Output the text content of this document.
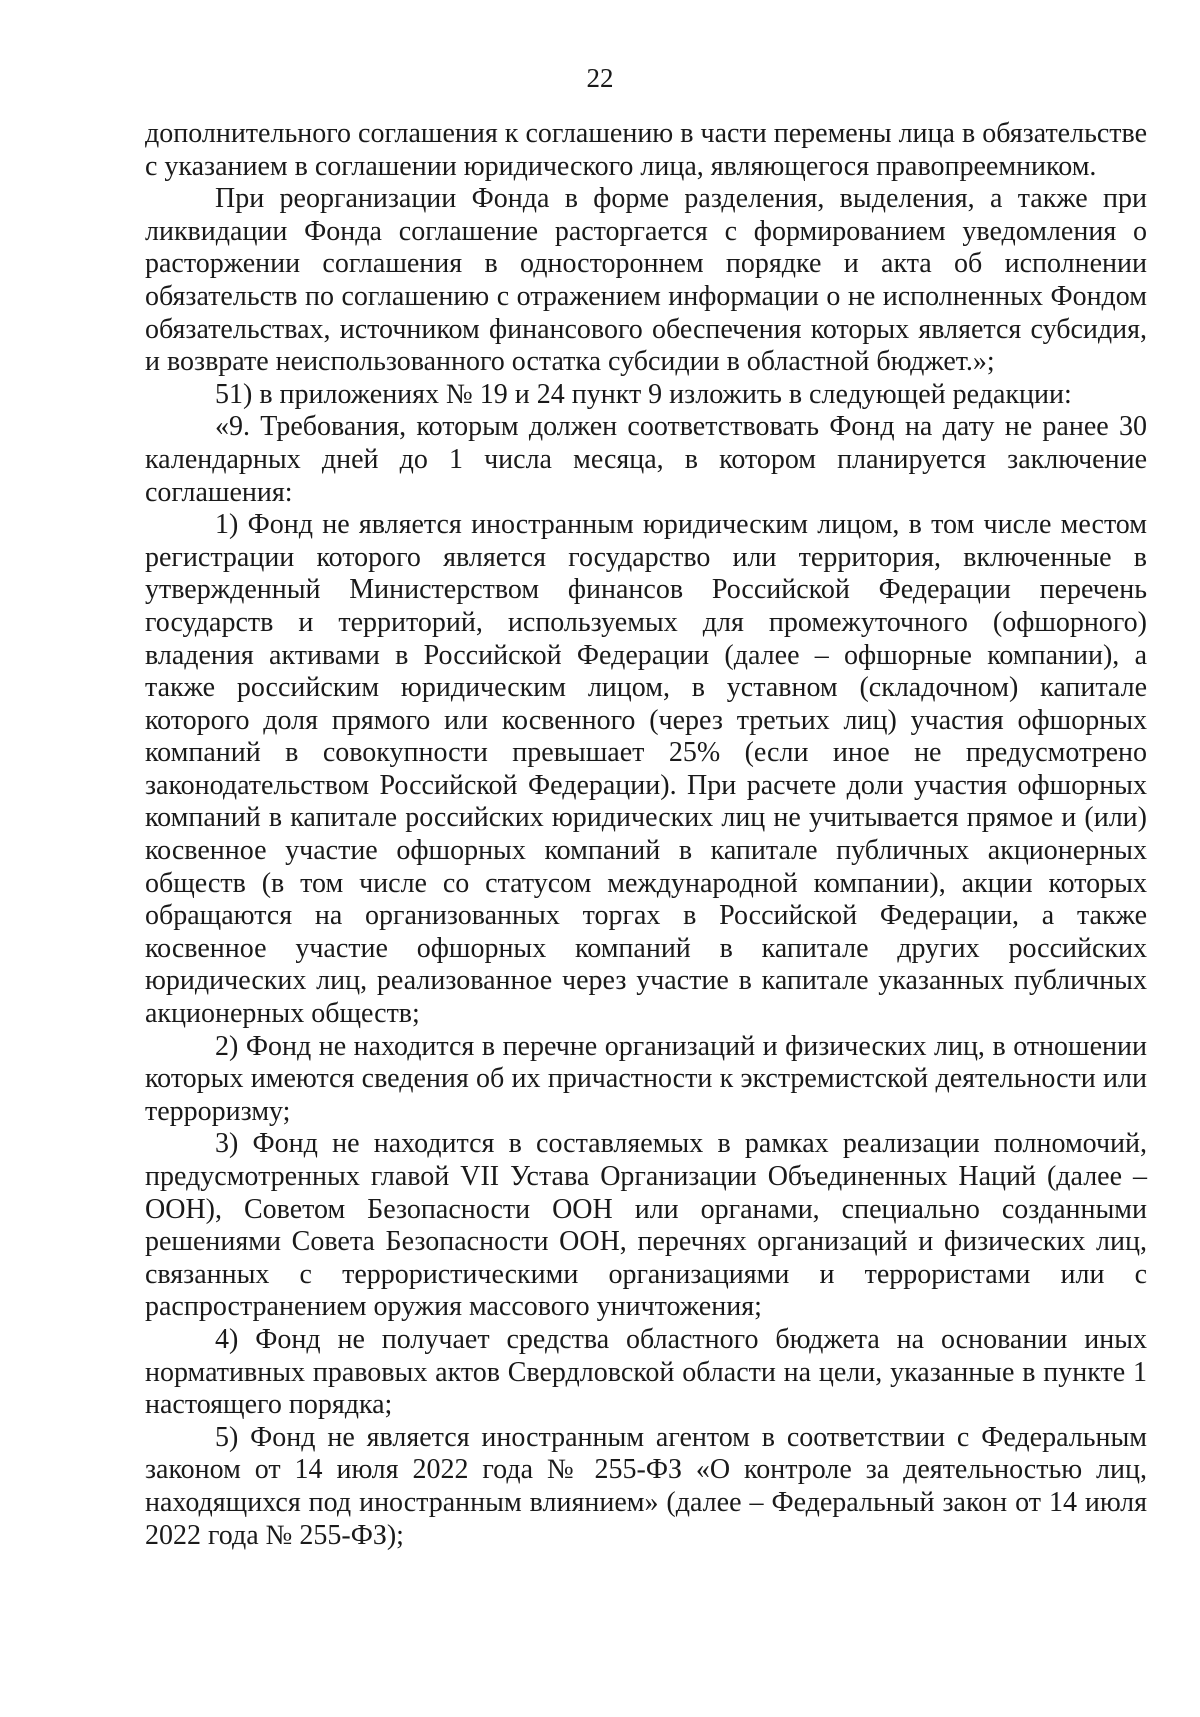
22

дополнительного соглашения к соглашению в части перемены лица в обязательстве с указанием в соглашении юридического лица, являющегося правопреемником.

При реорганизации Фонда в форме разделения, выделения, а также при ликвидации Фонда соглашение расторгается с формированием уведомления о расторжении соглашения в одностороннем порядке и акта об исполнении обязательств по соглашению с отражением информации о не исполненных Фондом обязательствах, источником финансового обеспечения которых является субсидия, и возврате неиспользованного остатка субсидии в областной бюджет.»;

51) в приложениях № 19 и 24 пункт 9 изложить в следующей редакции:

«9. Требования, которым должен соответствовать Фонд на дату не ранее 30 календарных дней до 1 числа месяца, в котором планируется заключение соглашения:

1) Фонд не является иностранным юридическим лицом, в том числе местом регистрации которого является государство или территория, включенные в утвержденный Министерством финансов Российской Федерации перечень государств и территорий, используемых для промежуточного (офшорного) владения активами в Российской Федерации (далее – офшорные компании), а также российским юридическим лицом, в уставном (складочном) капитале которого доля прямого или косвенного (через третьих лиц) участия офшорных компаний в совокупности превышает 25% (если иное не предусмотрено законодательством Российской Федерации). При расчете доли участия офшорных компаний в капитале российских юридических лиц не учитывается прямое и (или) косвенное участие офшорных компаний в капитале публичных акционерных обществ (в том числе со статусом международной компании), акции которых обращаются на организованных торгах в Российской Федерации, а также косвенное участие офшорных компаний в капитале других российских юридических лиц, реализованное через участие в капитале указанных публичных акционерных обществ;

2) Фонд не находится в перечне организаций и физических лиц, в отношении которых имеются сведения об их причастности к экстремистской деятельности или терроризму;

3) Фонд не находится в составляемых в рамках реализации полномочий, предусмотренных главой VII Устава Организации Объединенных Наций (далее – ООН), Советом Безопасности ООН или органами, специально созданными решениями Совета Безопасности ООН, перечнях организаций и физических лиц, связанных с террористическими организациями и террористами или с распространением оружия массового уничтожения;

4) Фонд не получает средства областного бюджета на основании иных нормативных правовых актов Свердловской области на цели, указанные в пункте 1 настоящего порядка;

5) Фонд не является иностранным агентом в соответствии с Федеральным законом от 14 июля 2022 года № 255-ФЗ «О контроле за деятельностью лиц, находящихся под иностранным влиянием» (далее – Федеральный закон от 14 июля 2022 года № 255-ФЗ);
